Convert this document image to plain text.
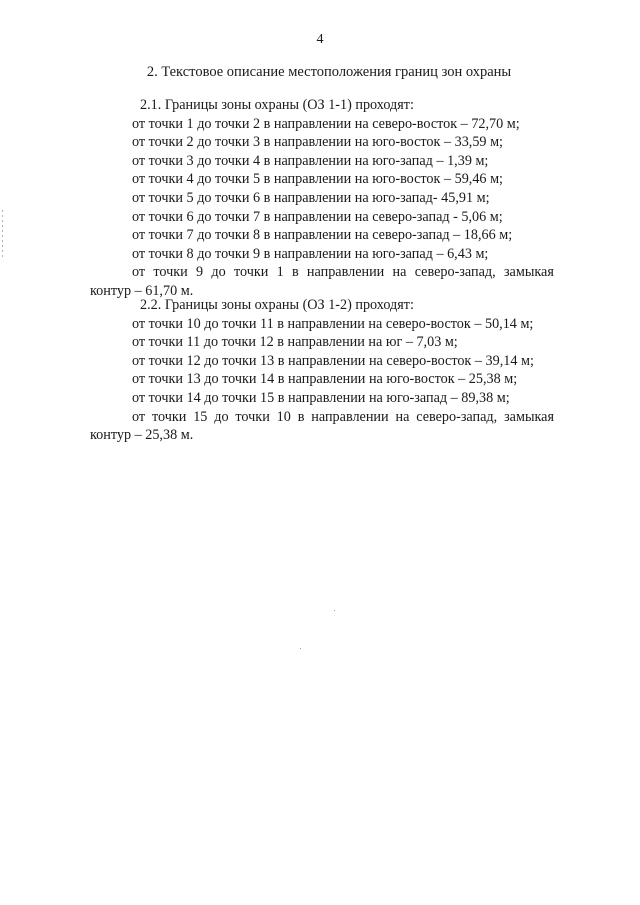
4
2. Текстовое описание местоположения границ зон охраны
2.1. Границы зоны охраны (ОЗ 1-1) проходят:
от точки 1 до точки 2 в направлении на северо-восток – 72,70 м;
от точки 2 до точки 3 в направлении на юго-восток – 33,59 м;
от точки 3 до точки 4 в направлении на юго-запад – 1,39 м;
от точки 4 до точки 5 в направлении на юго-восток – 59,46 м;
от точки 5 до точки 6 в направлении на юго-запад- 45,91 м;
от точки 6 до точки 7 в направлении на северо-запад - 5,06 м;
от точки 7 до точки 8 в направлении на северо-запад – 18,66 м;
от точки 8 до точки 9 в направлении на юго-запад – 6,43 м;
от точки 9 до точки 1 в направлении на северо-запад, замыкая
контур – 61,70 м.
2.2. Границы зоны охраны (ОЗ 1-2) проходят:
от точки 10 до точки 11 в направлении на северо-восток – 50,14 м;
от точки 11 до точки 12 в направлении на юг – 7,03 м;
от точки 12 до точки 13 в направлении на северо-восток – 39,14 м;
от точки 13 до точки 14 в направлении на юго-восток – 25,38 м;
от точки 14 до точки 15 в направлении на юго-запад – 89,38 м;
от точки 15 до точки 10 в направлении на северо-запад, замыкая
контур – 25,38 м.
